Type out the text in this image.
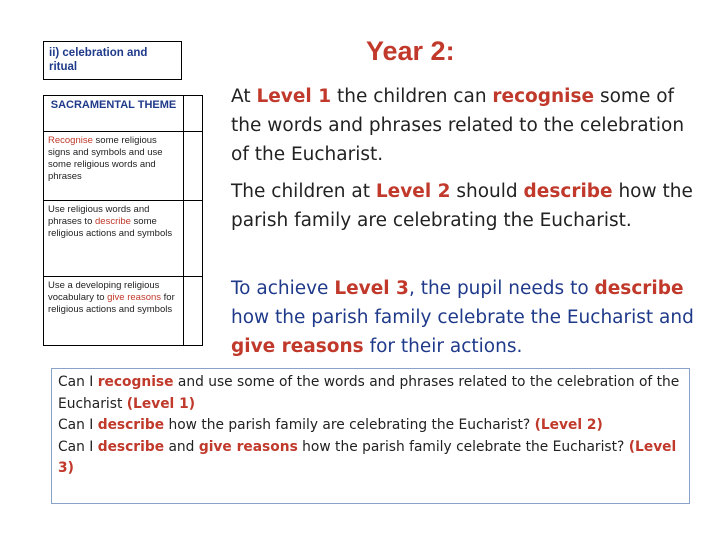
ii) celebration and ritual
SACRAMENTAL THEME	
Recognise some religious signs and symbols and use some religious words and phrases	
Use religious words and phrases to describe some religious actions and symbols	
Use a developing religious vocabulary to give reasons for religious actions and symbols	
Year 2:
At Level 1 the children can recognise some of the words and phrases related to the celebration of the Eucharist.
The children at Level 2 should describe how the parish family are celebrating the Eucharist.
To achieve Level 3, the pupil needs to describe how the parish family celebrate the Eucharist and give reasons for their actions.
Can I recognise and use some of the words and phrases related to the celebration of the Eucharist (Level 1)
Can I describe how the parish family are celebrating the Eucharist? (Level 2)
Can I describe and give reasons how the parish family celebrate the Eucharist? (Level 3)
